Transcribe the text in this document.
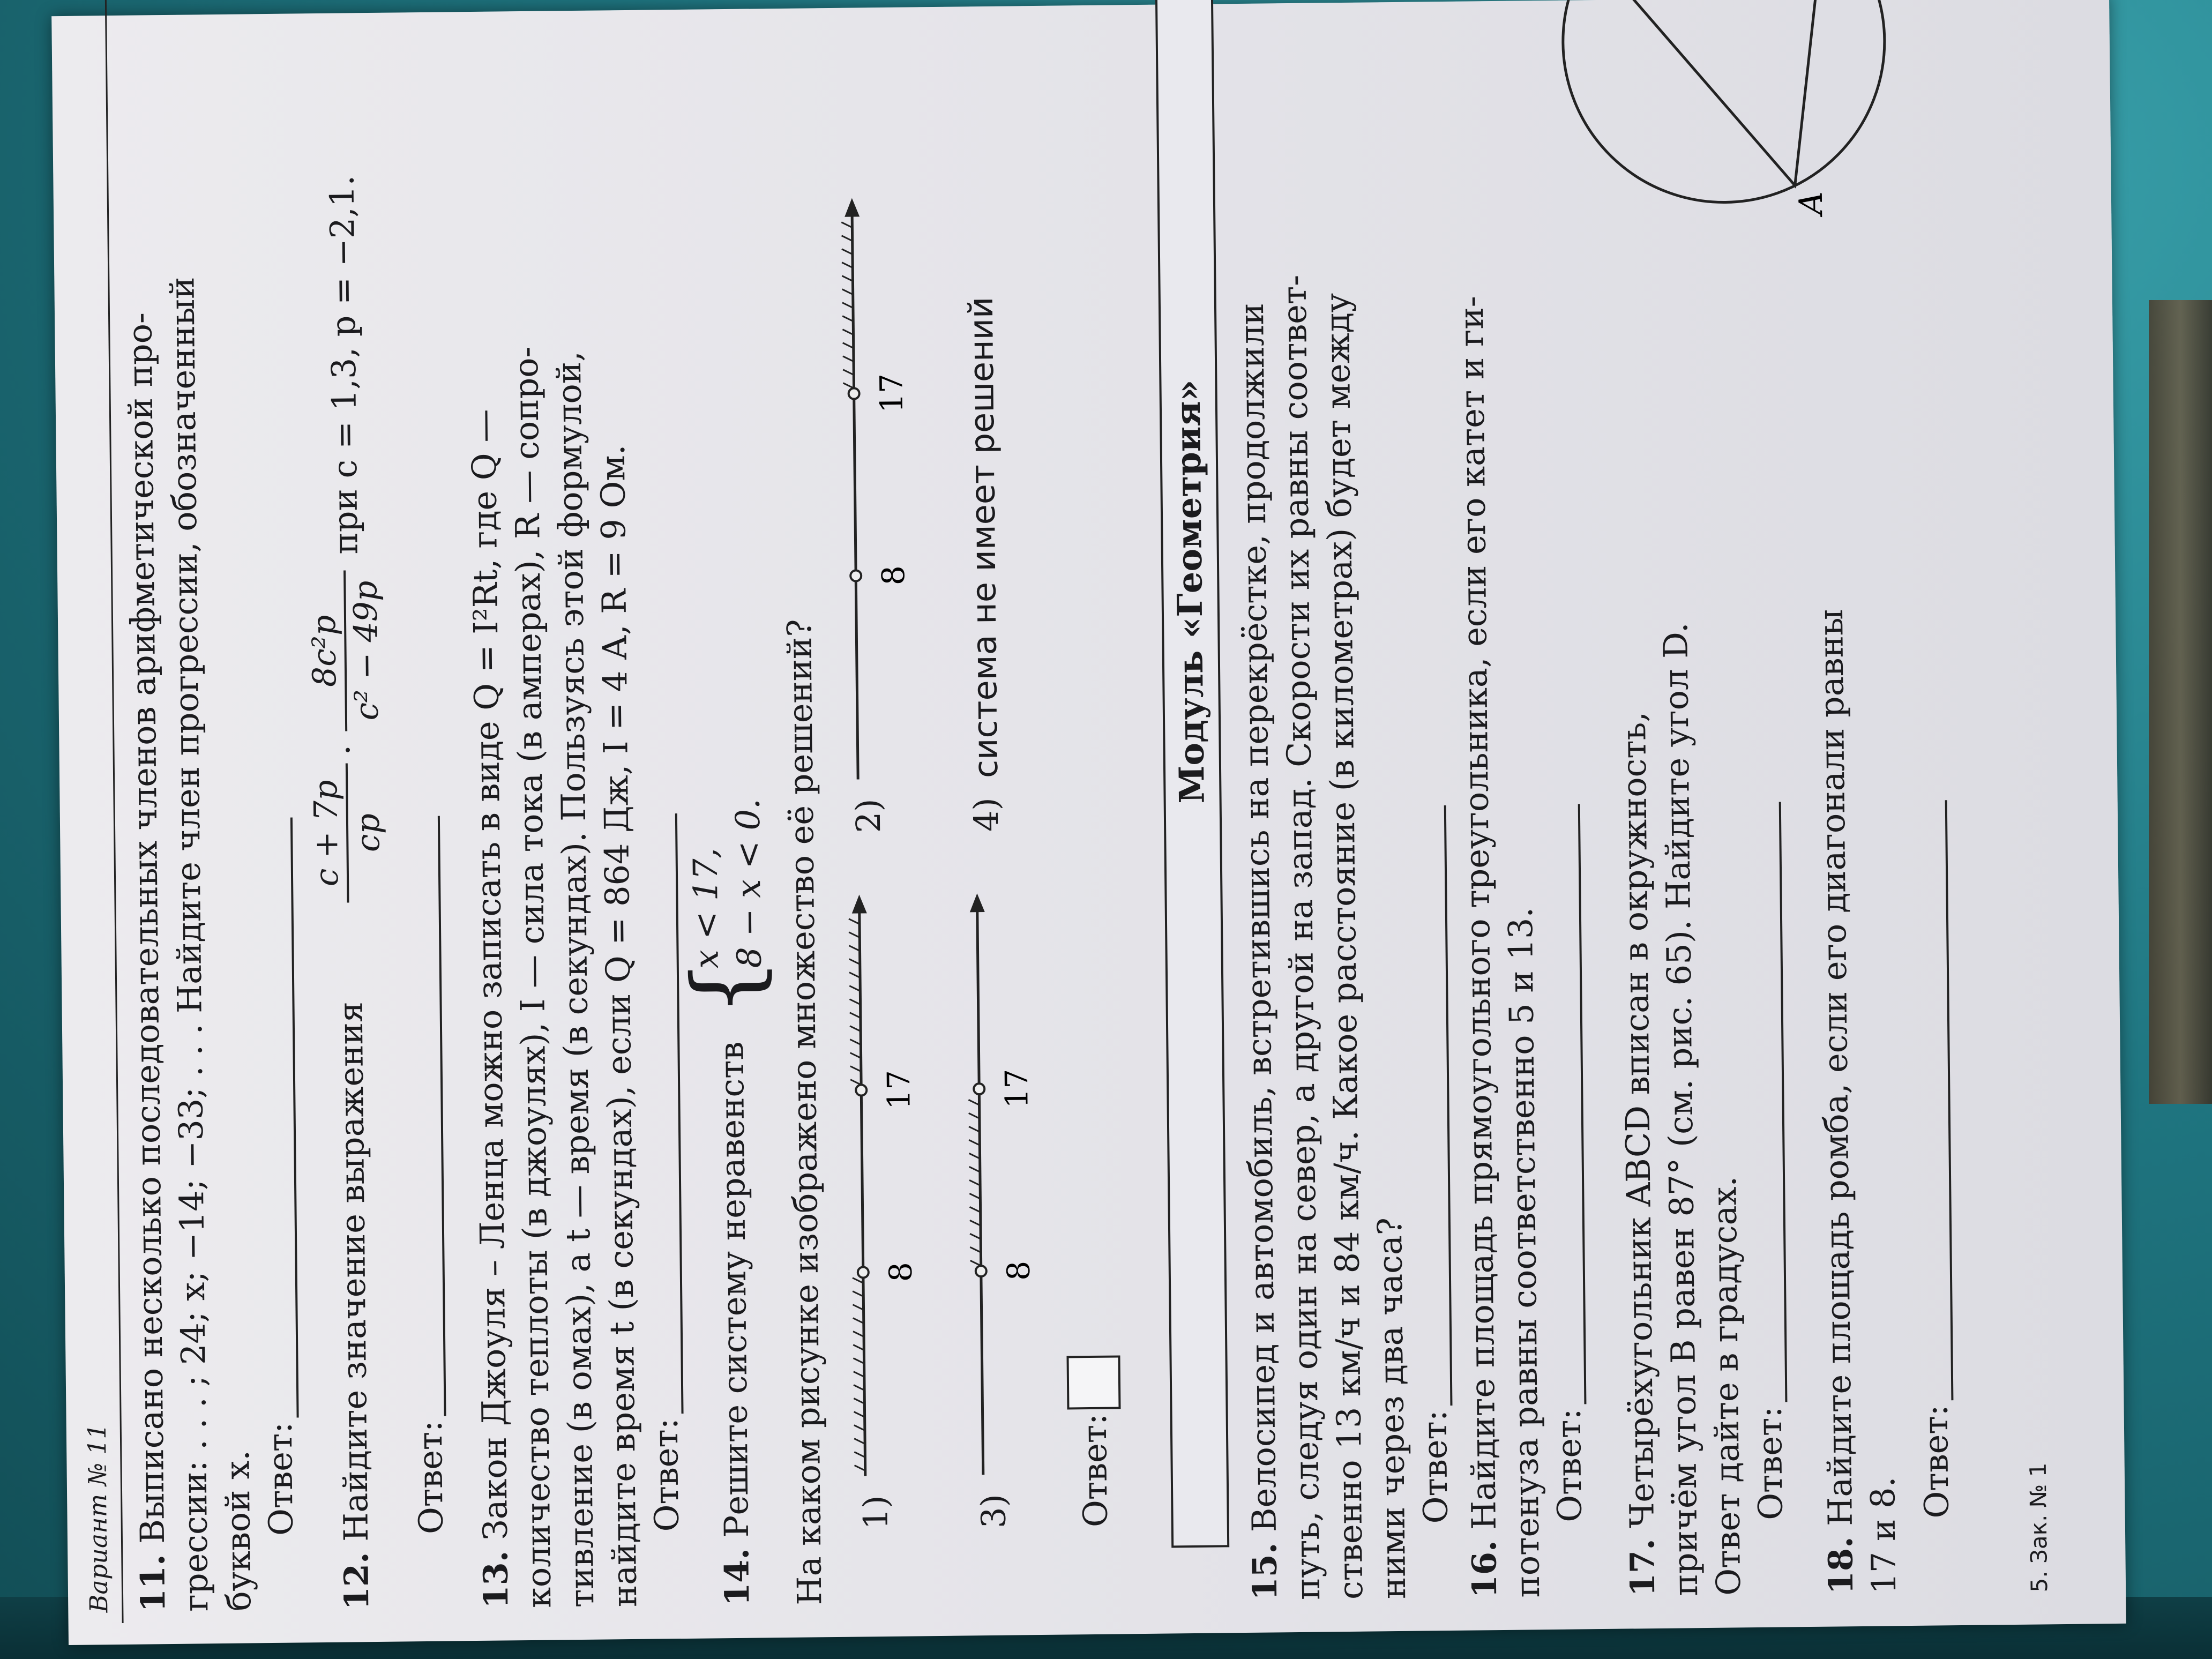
Вариант № 11 11. Выписано несколько последовательных членов арифметической про-
грессии: . . . ; 24; x; −14; −33; . . . Найдите член прогрессии, обозначенный буквой x. Ответ:
12. Найдите значение выражения
c + 7p cp
·
8c²p c² − 49p
при c = 1,3, p = −2,1.
Ответ:
13. Закон Джоуля – Ленца можно записать в виде Q = I²Rt, где Q —
количество теплоты (в джоулях), I — сила тока (в амперах), R — сопро-
тивление (в омах), а t — время (в секундах). Пользуясь этой формулой,
найдите время t (в секундах), если Q = 864 Дж, I = 4 А, R = 9 Ом. Ответ:
14. Решите систему неравенств
{
x < 17, 8 − x < 0. На каком рисунке изображено множество её решений? 1)
8
17
2)
8
17
3)
8
17
4)
система не имеет решений
Ответ:
Модуль «Геометрия»
15. Велосипед и автомобиль, встретившись на перекрёстке, продолжили
путь, следуя один на север, а другой на запад. Скорости их равны соответ-
ственно 13 км/ч и 84 км/ч. Какое расстояние (в километрах) будет между ними через два часа? Ответ:
16. Найдите площадь прямоугольного треугольника, если его катет и ги-
потенуза равны соответственно 5 и 13. Ответ:
17. Четырёхугольник ABCD вписан в окружность,
причём угол B равен 87° (см. рис. 65). Найдите угол D.
Ответ дайте в градусах. Ответ:
A
18. Найдите площадь ромба, если его диагонали равны
17 и 8.
Ответ:
5. Зак. № 1
